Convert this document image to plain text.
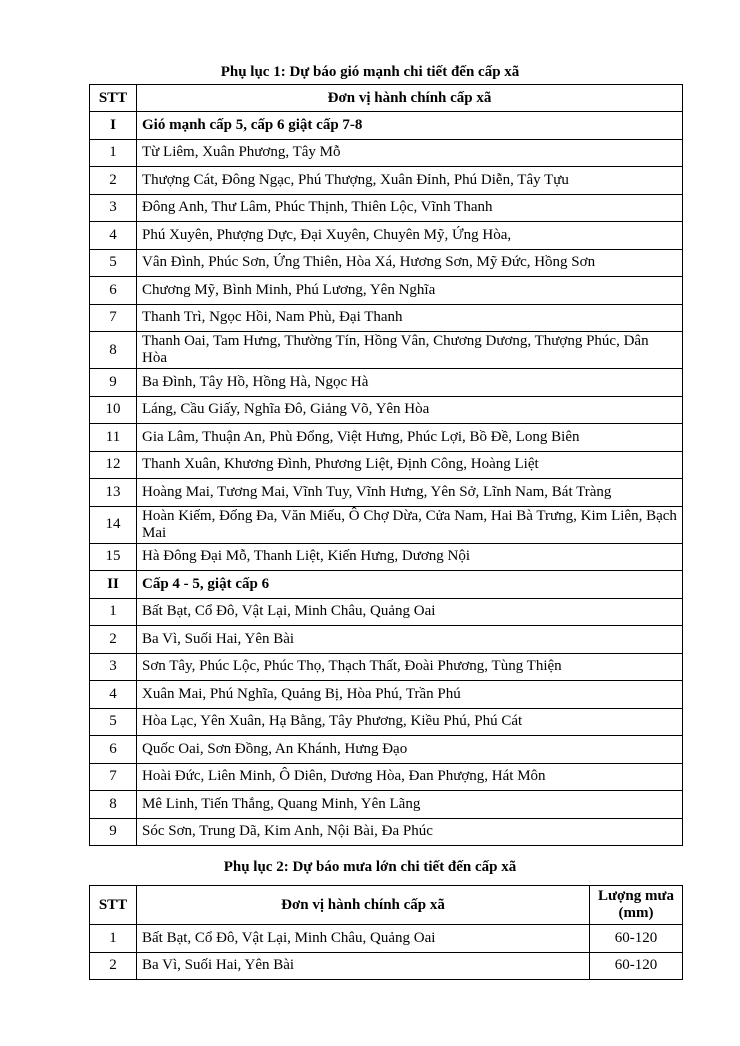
Phụ lục 1: Dự báo gió mạnh chi tiết đến cấp xã
STT	Đơn vị hành chính cấp xã
I	Gió mạnh cấp 5, cấp 6 giật cấp 7-8
1	Từ Liêm, Xuân Phương, Tây Mỗ
2	Thượng Cát, Đông Ngạc, Phú Thượng, Xuân Đỉnh, Phú Diễn, Tây Tựu
3	Đông Anh, Thư Lâm, Phúc Thịnh, Thiên Lộc, Vĩnh Thanh
4	Phú Xuyên, Phượng Dực, Đại Xuyên, Chuyên Mỹ, Ứng Hòa,
5	Vân Đình, Phúc Sơn, Ứng Thiên, Hòa Xá, Hương Sơn, Mỹ Đức, Hồng Sơn
6	Chương Mỹ, Bình Minh, Phú Lương, Yên Nghĩa
7	Thanh Trì, Ngọc Hồi, Nam Phù, Đại Thanh
8	Thanh Oai, Tam Hưng, Thường Tín, Hồng Vân, Chương Dương, Thượng Phúc, Dân Hòa
9	Ba Đình, Tây Hồ, Hồng Hà, Ngọc Hà
10	Láng, Cầu Giấy, Nghĩa Đô, Giảng Võ, Yên Hòa
11	Gia Lâm, Thuận An, Phù Đổng, Việt Hưng, Phúc Lợi, Bồ Đề, Long Biên
12	Thanh Xuân, Khương Đình, Phương Liệt, Định Công, Hoàng Liệt
13	Hoàng Mai, Tương Mai, Vĩnh Tuy, Vĩnh Hưng, Yên Sở, Lĩnh Nam, Bát Tràng
14	Hoàn Kiếm, Đống Đa, Văn Miếu, Ô Chợ Dừa, Cửa Nam, Hai Bà Trưng, Kim Liên, Bạch Mai
15	Hà Đông Đại Mỗ, Thanh Liệt, Kiến Hưng, Dương Nội
II	Cấp 4 - 5, giật cấp 6
1	Bất Bạt, Cổ Đô, Vật Lại, Minh Châu, Quảng Oai
2	Ba Vì, Suối Hai, Yên Bài
3	Sơn Tây, Phúc Lộc, Phúc Thọ, Thạch Thất, Đoài Phương, Tùng Thiện
4	Xuân Mai, Phú Nghĩa, Quảng Bị, Hòa Phú, Trần Phú
5	Hòa Lạc, Yên Xuân, Hạ Bằng, Tây Phương, Kiều Phú, Phú Cát
6	Quốc Oai, Sơn Đồng, An Khánh, Hưng Đạo
7	Hoài Đức, Liên Minh, Ô Diên, Dương Hòa, Đan Phượng, Hát Môn
8	Mê Linh, Tiến Thắng, Quang Minh, Yên Lãng
9	Sóc Sơn, Trung Dã, Kim Anh, Nội Bài, Đa Phúc
Phụ lục 2: Dự báo mưa lớn chi tiết đến cấp xã
STT	Đơn vị hành chính cấp xã	Lượng mưa (mm)
1	Bất Bạt, Cổ Đô, Vật Lại, Minh Châu, Quảng Oai	60-120
2	Ba Vì, Suối Hai, Yên Bài	60-120
